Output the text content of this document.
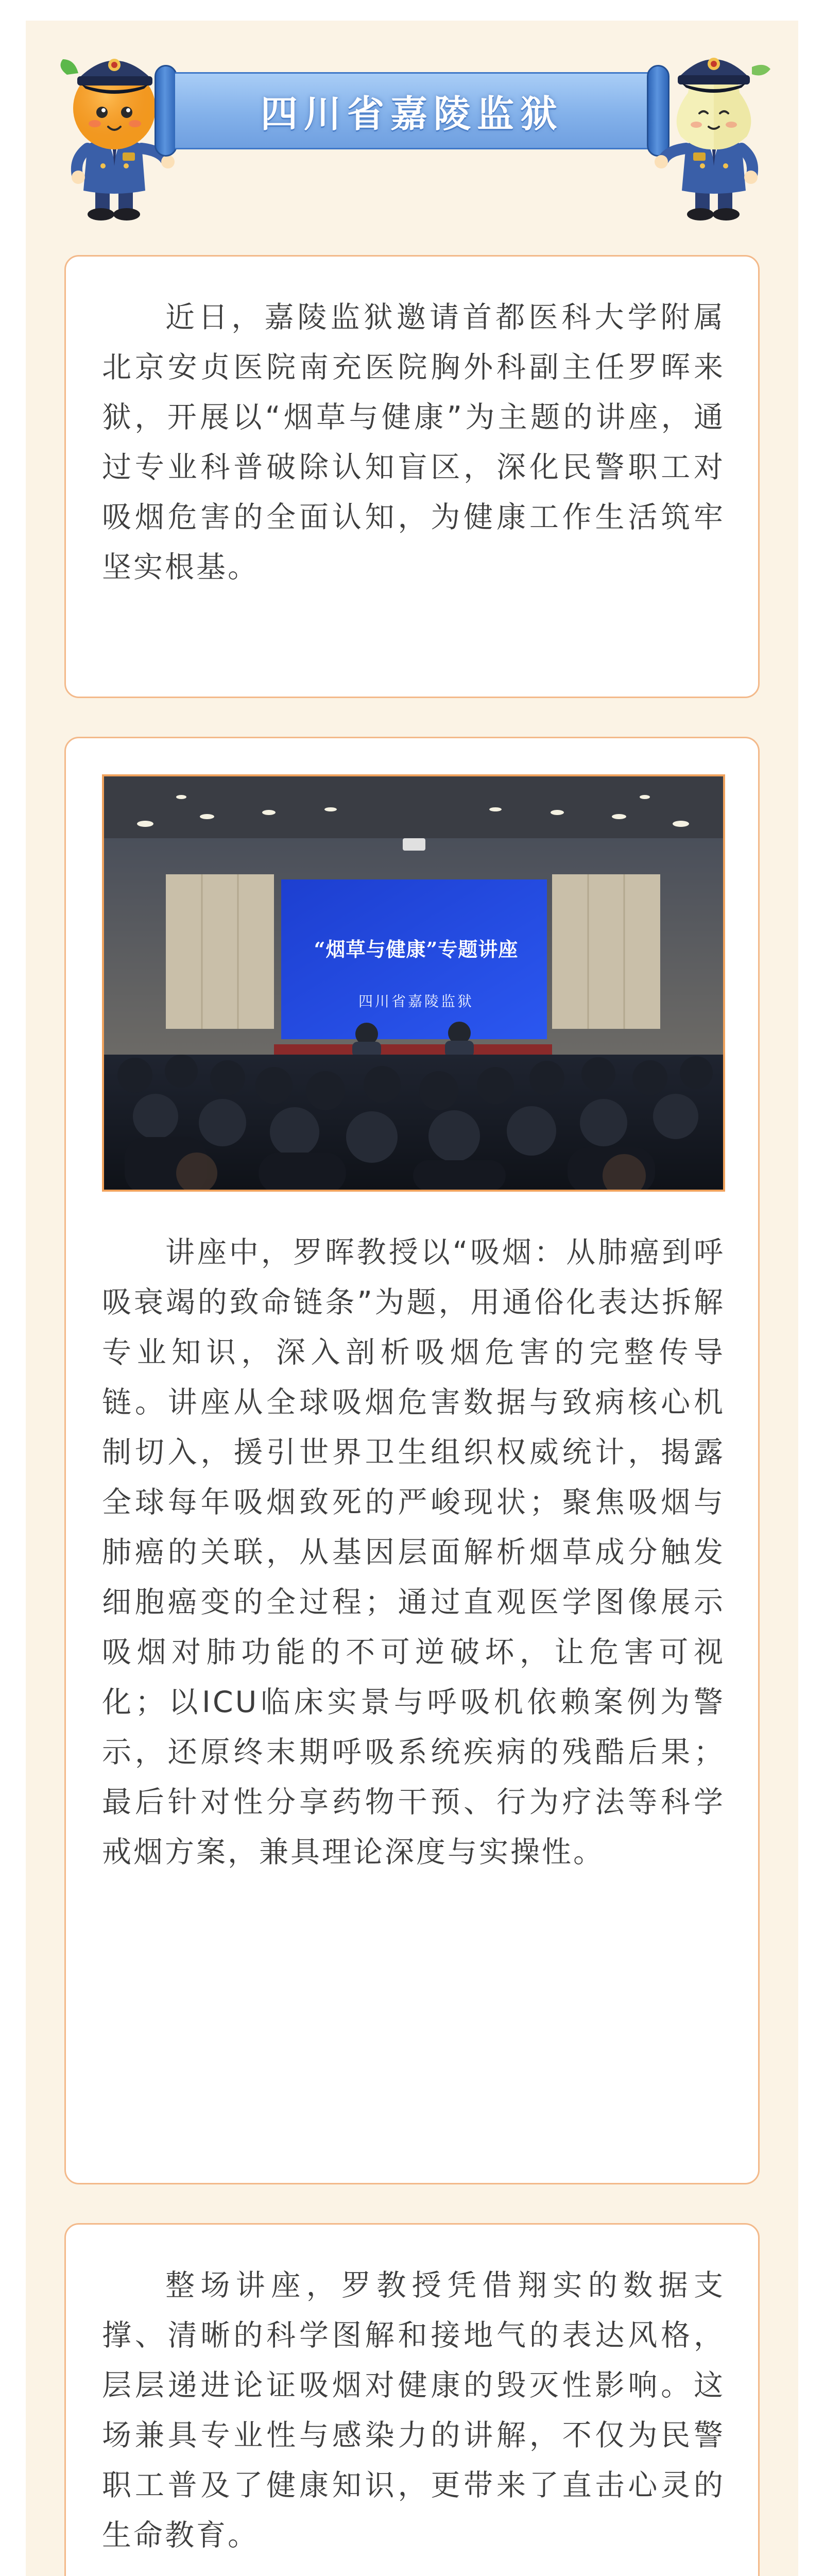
四川省嘉陵监狱

近日，嘉陵监狱邀请首都医科大学附属北京安贞医院南充医院胸外科副主任罗晖来狱，开展以“烟草与健康”为主题的讲座，通过专业科普破除认知盲区，深化民警职工对吸烟危害的全面认知，为健康工作生活筑牢坚实根基。

“烟草与健康”专题讲座
四川省嘉陵监狱

讲座中，罗晖教授以“吸烟：从肺癌到呼吸衰竭的致命链条”为题，用通俗化表达拆解专业知识，深入剖析吸烟危害的完整传导链。讲座从全球吸烟危害数据与致病核心机制切入，援引世界卫生组织权威统计，揭露全球每年吸烟致死的严峻现状；聚焦吸烟与肺癌的关联，从基因层面解析烟草成分触发细胞癌变的全过程；通过直观医学图像展示吸烟对肺功能的不可逆破坏，让危害可视化；以ICU临床实景与呼吸机依赖案例为警示，还原终末期呼吸系统疾病的残酷后果；最后针对性分享药物干预、行为疗法等科学戒烟方案，兼具理论深度与实操性。

整场讲座，罗教授凭借翔实的数据支撑、清晰的科学图解和接地气的表达风格，层层递进论证吸烟对健康的毁灭性影响。这场兼具专业性与感染力的讲解，不仅为民警职工普及了健康知识，更带来了直击心灵的生命教育。
